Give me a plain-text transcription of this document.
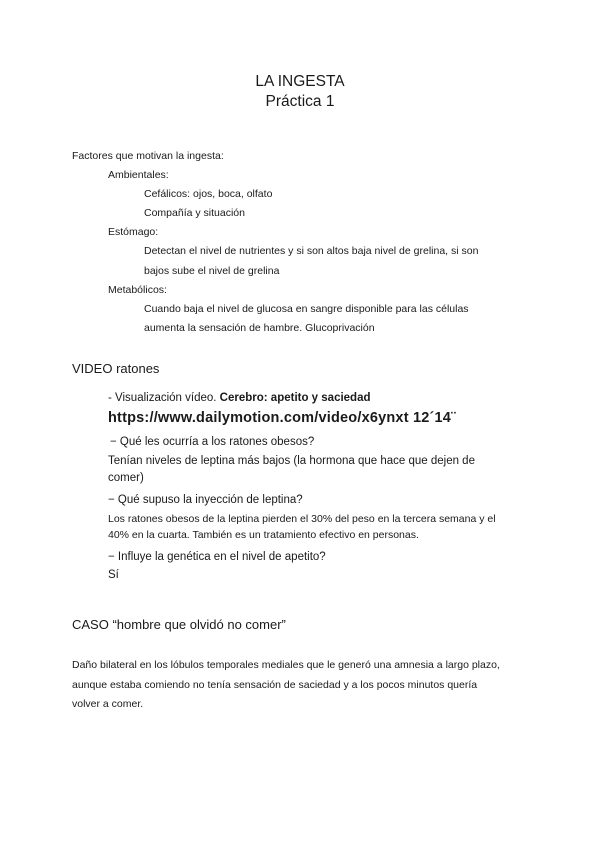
LA INGESTA
Práctica 1
Factores que motivan la ingesta:
Ambientales:
Cefálicos: ojos, boca, olfato
Compañía y situación
Estómago:
Detectan el nivel de nutrientes y si son altos baja nivel de grelina, si son
bajos sube el nivel de grelina
Metabólicos:
Cuando baja el nivel de glucosa en sangre disponible para las células
aumenta la sensación de hambre. Glucoprivación
VIDEO ratones
- Visualización vídeo. Cerebro: apetito y saciedad
https://www.dailymotion.com/video/x6ynxt 12´14¨
− Qué les ocurría a los ratones obesos?
Tenían niveles de leptina más bajos (la hormona que hace que dejen de
comer)
− Qué supuso la inyección de leptina?
Los ratones obesos de la leptina pierden el 30% del peso en la tercera semana y el
40% en la cuarta. También es un tratamiento efectivo en personas.
− Influye la genética en el nivel de apetito?
Sí
CASO “hombre que olvidó no comer”
Daño bilateral en los lóbulos temporales mediales que le generó una amnesia a largo plazo,
aunque estaba comiendo no tenía sensación de saciedad y a los pocos minutos quería
volver a comer.
